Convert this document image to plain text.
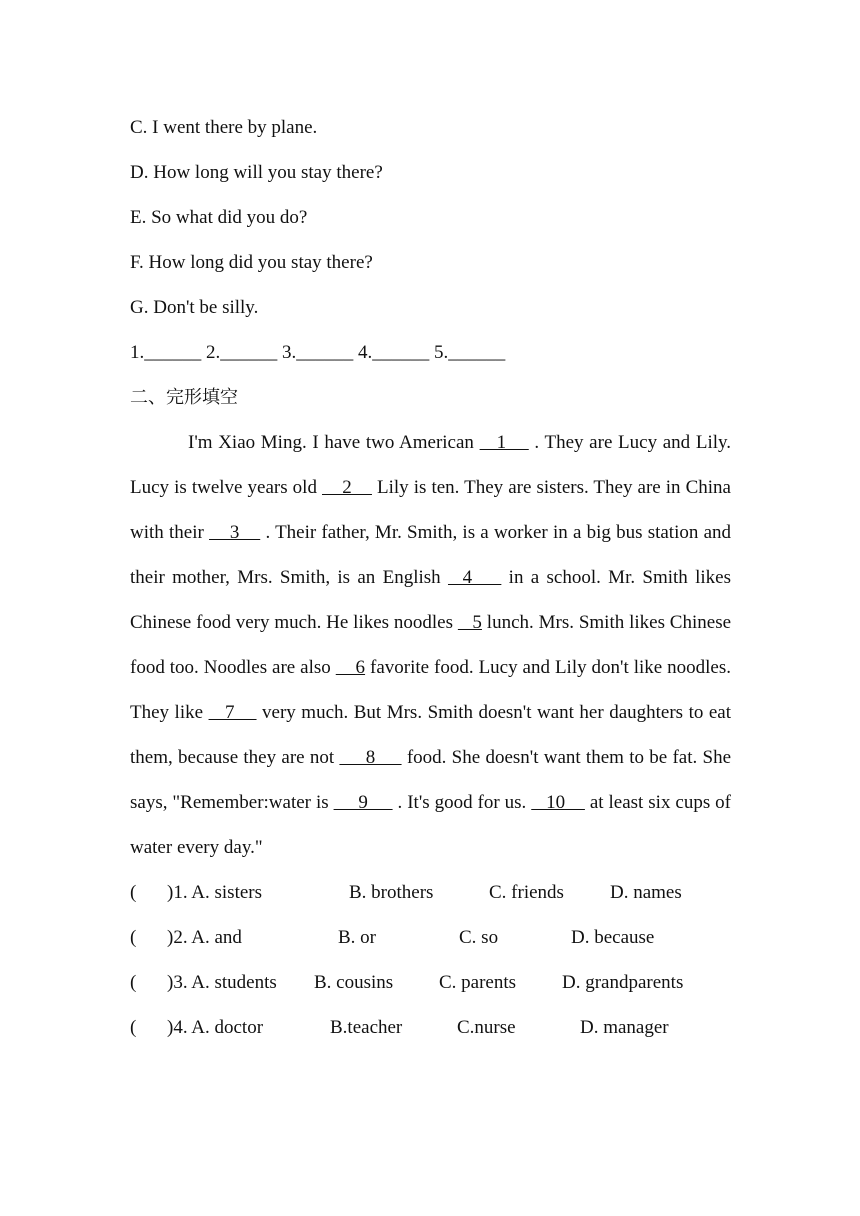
C. I went there by plane.
D. How long will you stay there?
E. So what did you do?
F. How long did you stay there?
G. Don't be silly.
1.______ 2.______ 3.______ 4.______ 5.______
二、完形填空
I'm Xiao Ming. I have two American    1     . They are Lucy and Lily. Lucy is twelve years old     2     Lily is ten. They are sisters. They are in China with their     3     . Their father, Mr. Smith, is a worker in a big bus station and their mother, Mrs. Smith, is an English   4     in a school. Mr. Smith likes Chinese food very much. He likes noodles    5 lunch. Mrs. Smith likes Chinese food too. Noodles are also     6 favorite food. Lucy and Lily don't like noodles. They like    7     very much. But Mrs. Smith doesn't want her daughters to eat them, because they are not      8      food. She doesn't want them to be fat. She says, "Remember:water is      9      . It's good for us.    10     at least six cups of water every day."
( )1. A. sisters	B. brothers	C. friends D. names
( )2. A. and	B. or	C. so	D. because
( )3. A. students B. cousins C. parents D. grandparents
( )4. A. doctor	B.teacher	C.nurse	D. manager
